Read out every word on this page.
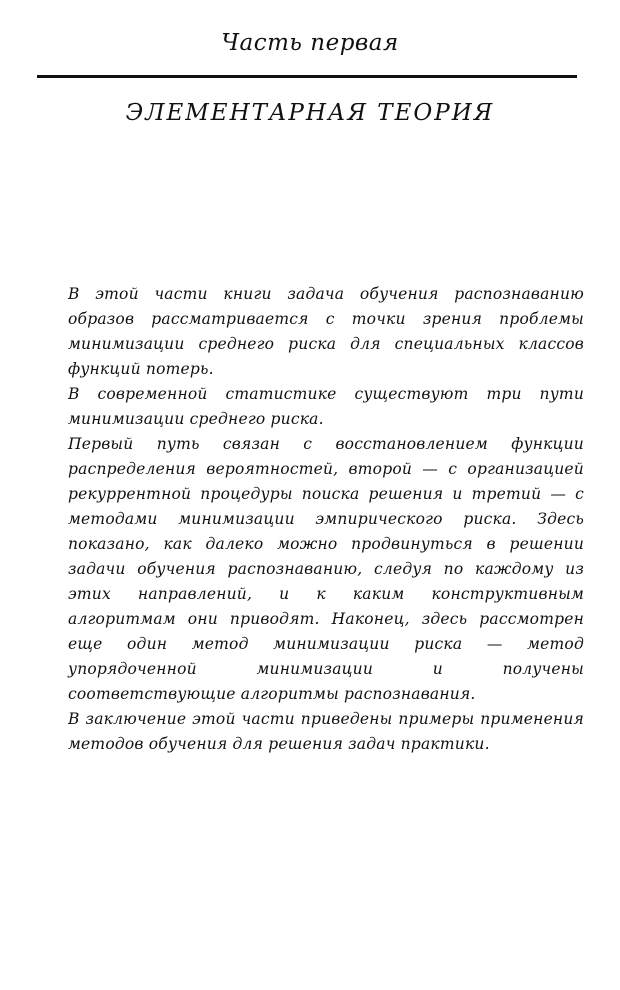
Часть первая
ЭЛЕМЕНТАРНАЯ ТЕОРИЯ

В этой части книги задача обучения распознаванию образов рассматривается с точки зрения проблемы минимизации среднего риска для специальных классов функций потерь.

В современной статистике существуют три пути минимизации среднего риска.

Первый путь связан с восстановлением функции распределения вероятностей, второй — с организацией рекуррентной процедуры поиска решения и третий — с методами минимизации эмпирического риска. Здесь показано, как далеко можно продвинуться в решении задачи обучения распознаванию, следуя по каждому из этих направлений, и к каким конструктивным алгоритмам они приводят. Наконец, здесь рассмотрен еще один метод минимизации риска — метод упорядоченной минимизации и получены соответствующие алгоритмы распознавания.

В заключение этой части приведены примеры применения методов обучения для решения задач практики.
